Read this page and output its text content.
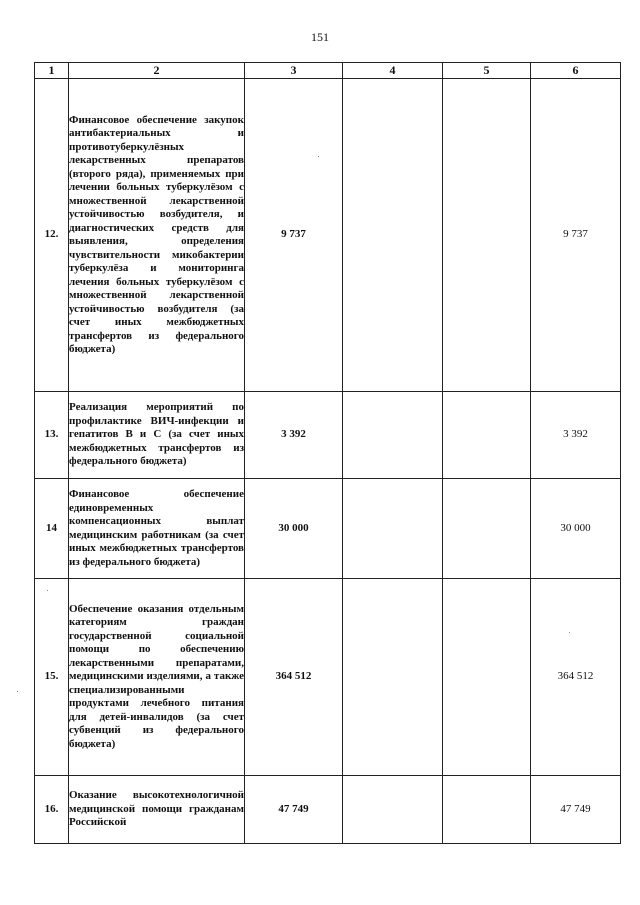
151
1	2	3	4	5	6
12.	Финансовое обеспечение закупок антибактериальных и противотуберкулёзных лекарственных препаратов (второго ряда), применяемых при лечении больных туберкулёзом с множественной лекарственной устойчивостью возбудителя, и диагностических средств для выявления, определения чувствительности микобактерии туберкулёза и мониторинга лечения больных туберкулёзом с множественной лекарственной устойчивостью возбудителя (за счет иных межбюджетных трансфертов из федерального бюджета)	9 737			9 737
13.	Реализация мероприятий по профилактике ВИЧ-инфекции и гепатитов В и С (за счет иных межбюджетных трансфертов из федерального бюджета)	3 392			3 392
14	Финансовое обеспечение единовременных компенсационных выплат медицинским работникам (за счет иных межбюджетных трансфертов из федерального бюджета)	30 000			30 000
15.	Обеспечение оказания отдельным категориям граждан государственной социальной помощи по обеспечению лекарственными препаратами, медицинскими изделиями, а также специализированными продуктами лечебного питания для детей-инвалидов (за счет субвенций из федерального бюджета)	364 512			364 512
16.	Оказание высокотехнологичной медицинской помощи гражданам Российской	47 749			47 749
